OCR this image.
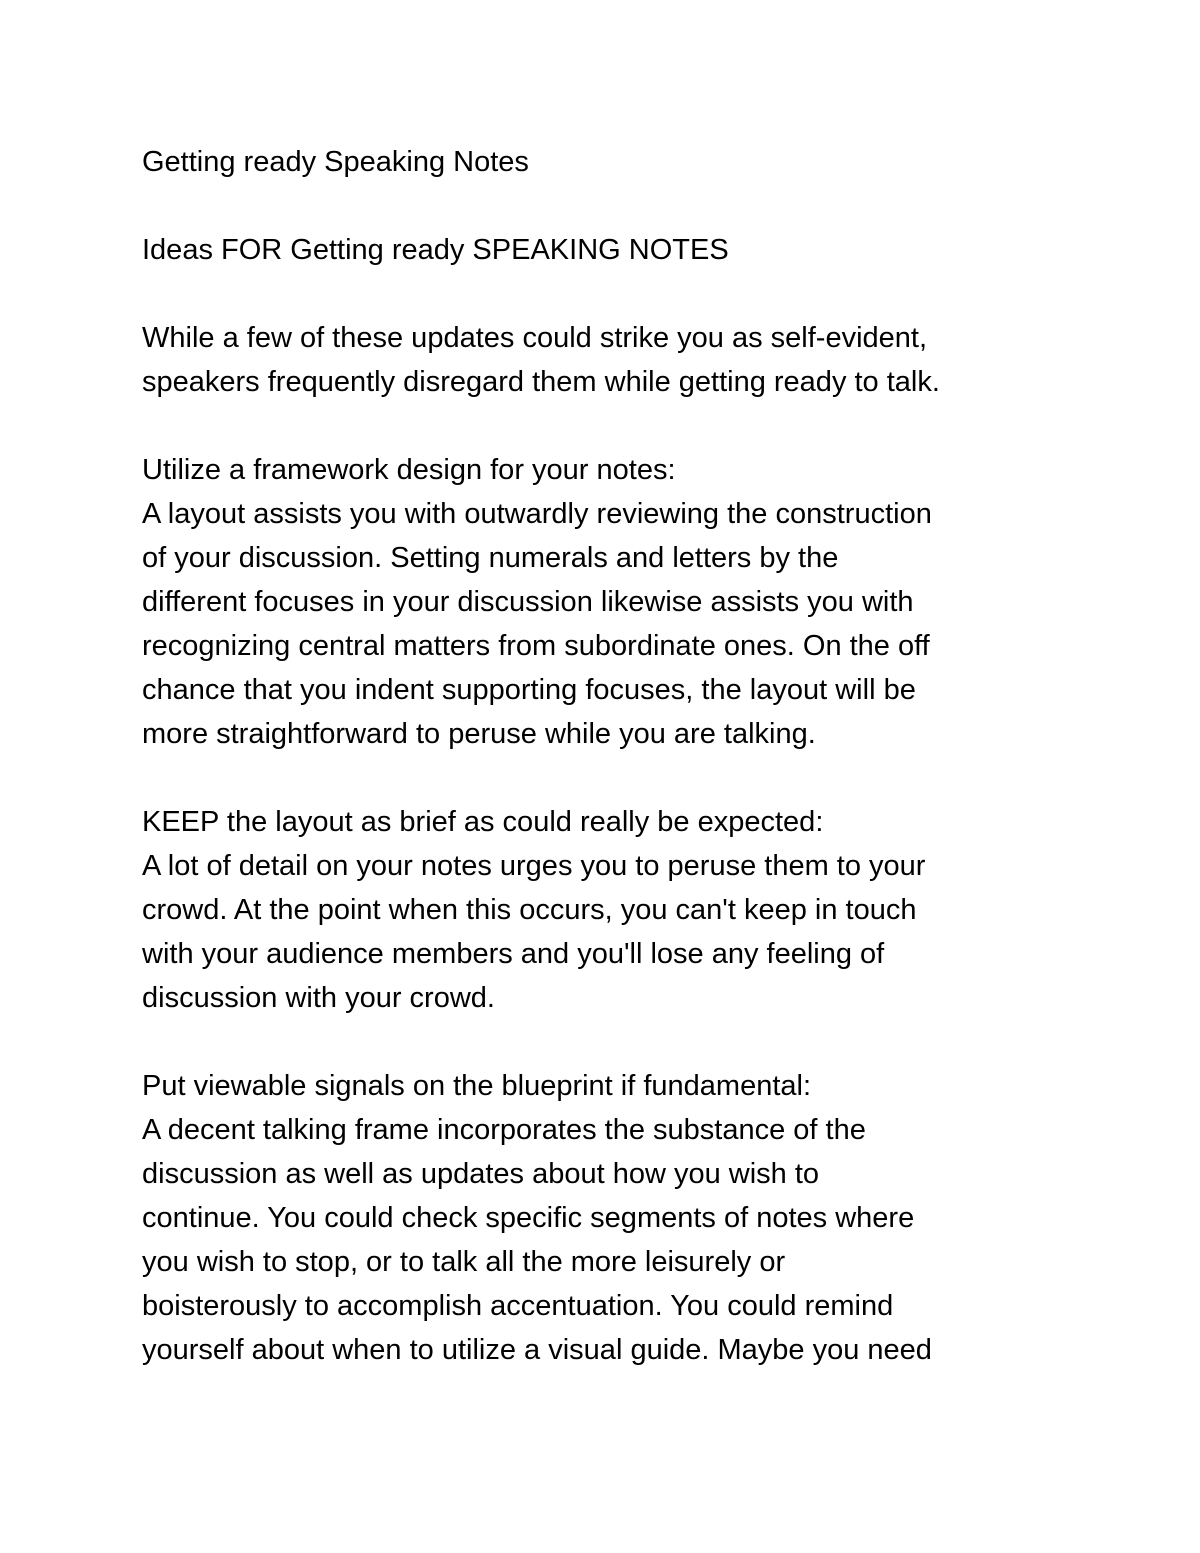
Getting ready Speaking Notes
Ideas FOR Getting ready SPEAKING NOTES
While a few of these updates could strike you as self-evident,
speakers frequently disregard them while getting ready to talk.
Utilize a framework design for your notes:
A layout assists you with outwardly reviewing the construction
of your discussion. Setting numerals and letters by the
different focuses in your discussion likewise assists you with
recognizing central matters from subordinate ones. On the off
chance that you indent supporting focuses, the layout will be
more straightforward to peruse while you are talking.
KEEP the layout as brief as could really be expected:
A lot of detail on your notes urges you to peruse them to your
crowd. At the point when this occurs, you can't keep in touch
with your audience members and you'll lose any feeling of
discussion with your crowd.
Put viewable signals on the blueprint if fundamental:
A decent talking frame incorporates the substance of the
discussion as well as updates about how you wish to
continue. You could check specific segments of notes where
you wish to stop, or to talk all the more leisurely or
boisterously to accomplish accentuation. You could remind
yourself about when to utilize a visual guide. Maybe you need
